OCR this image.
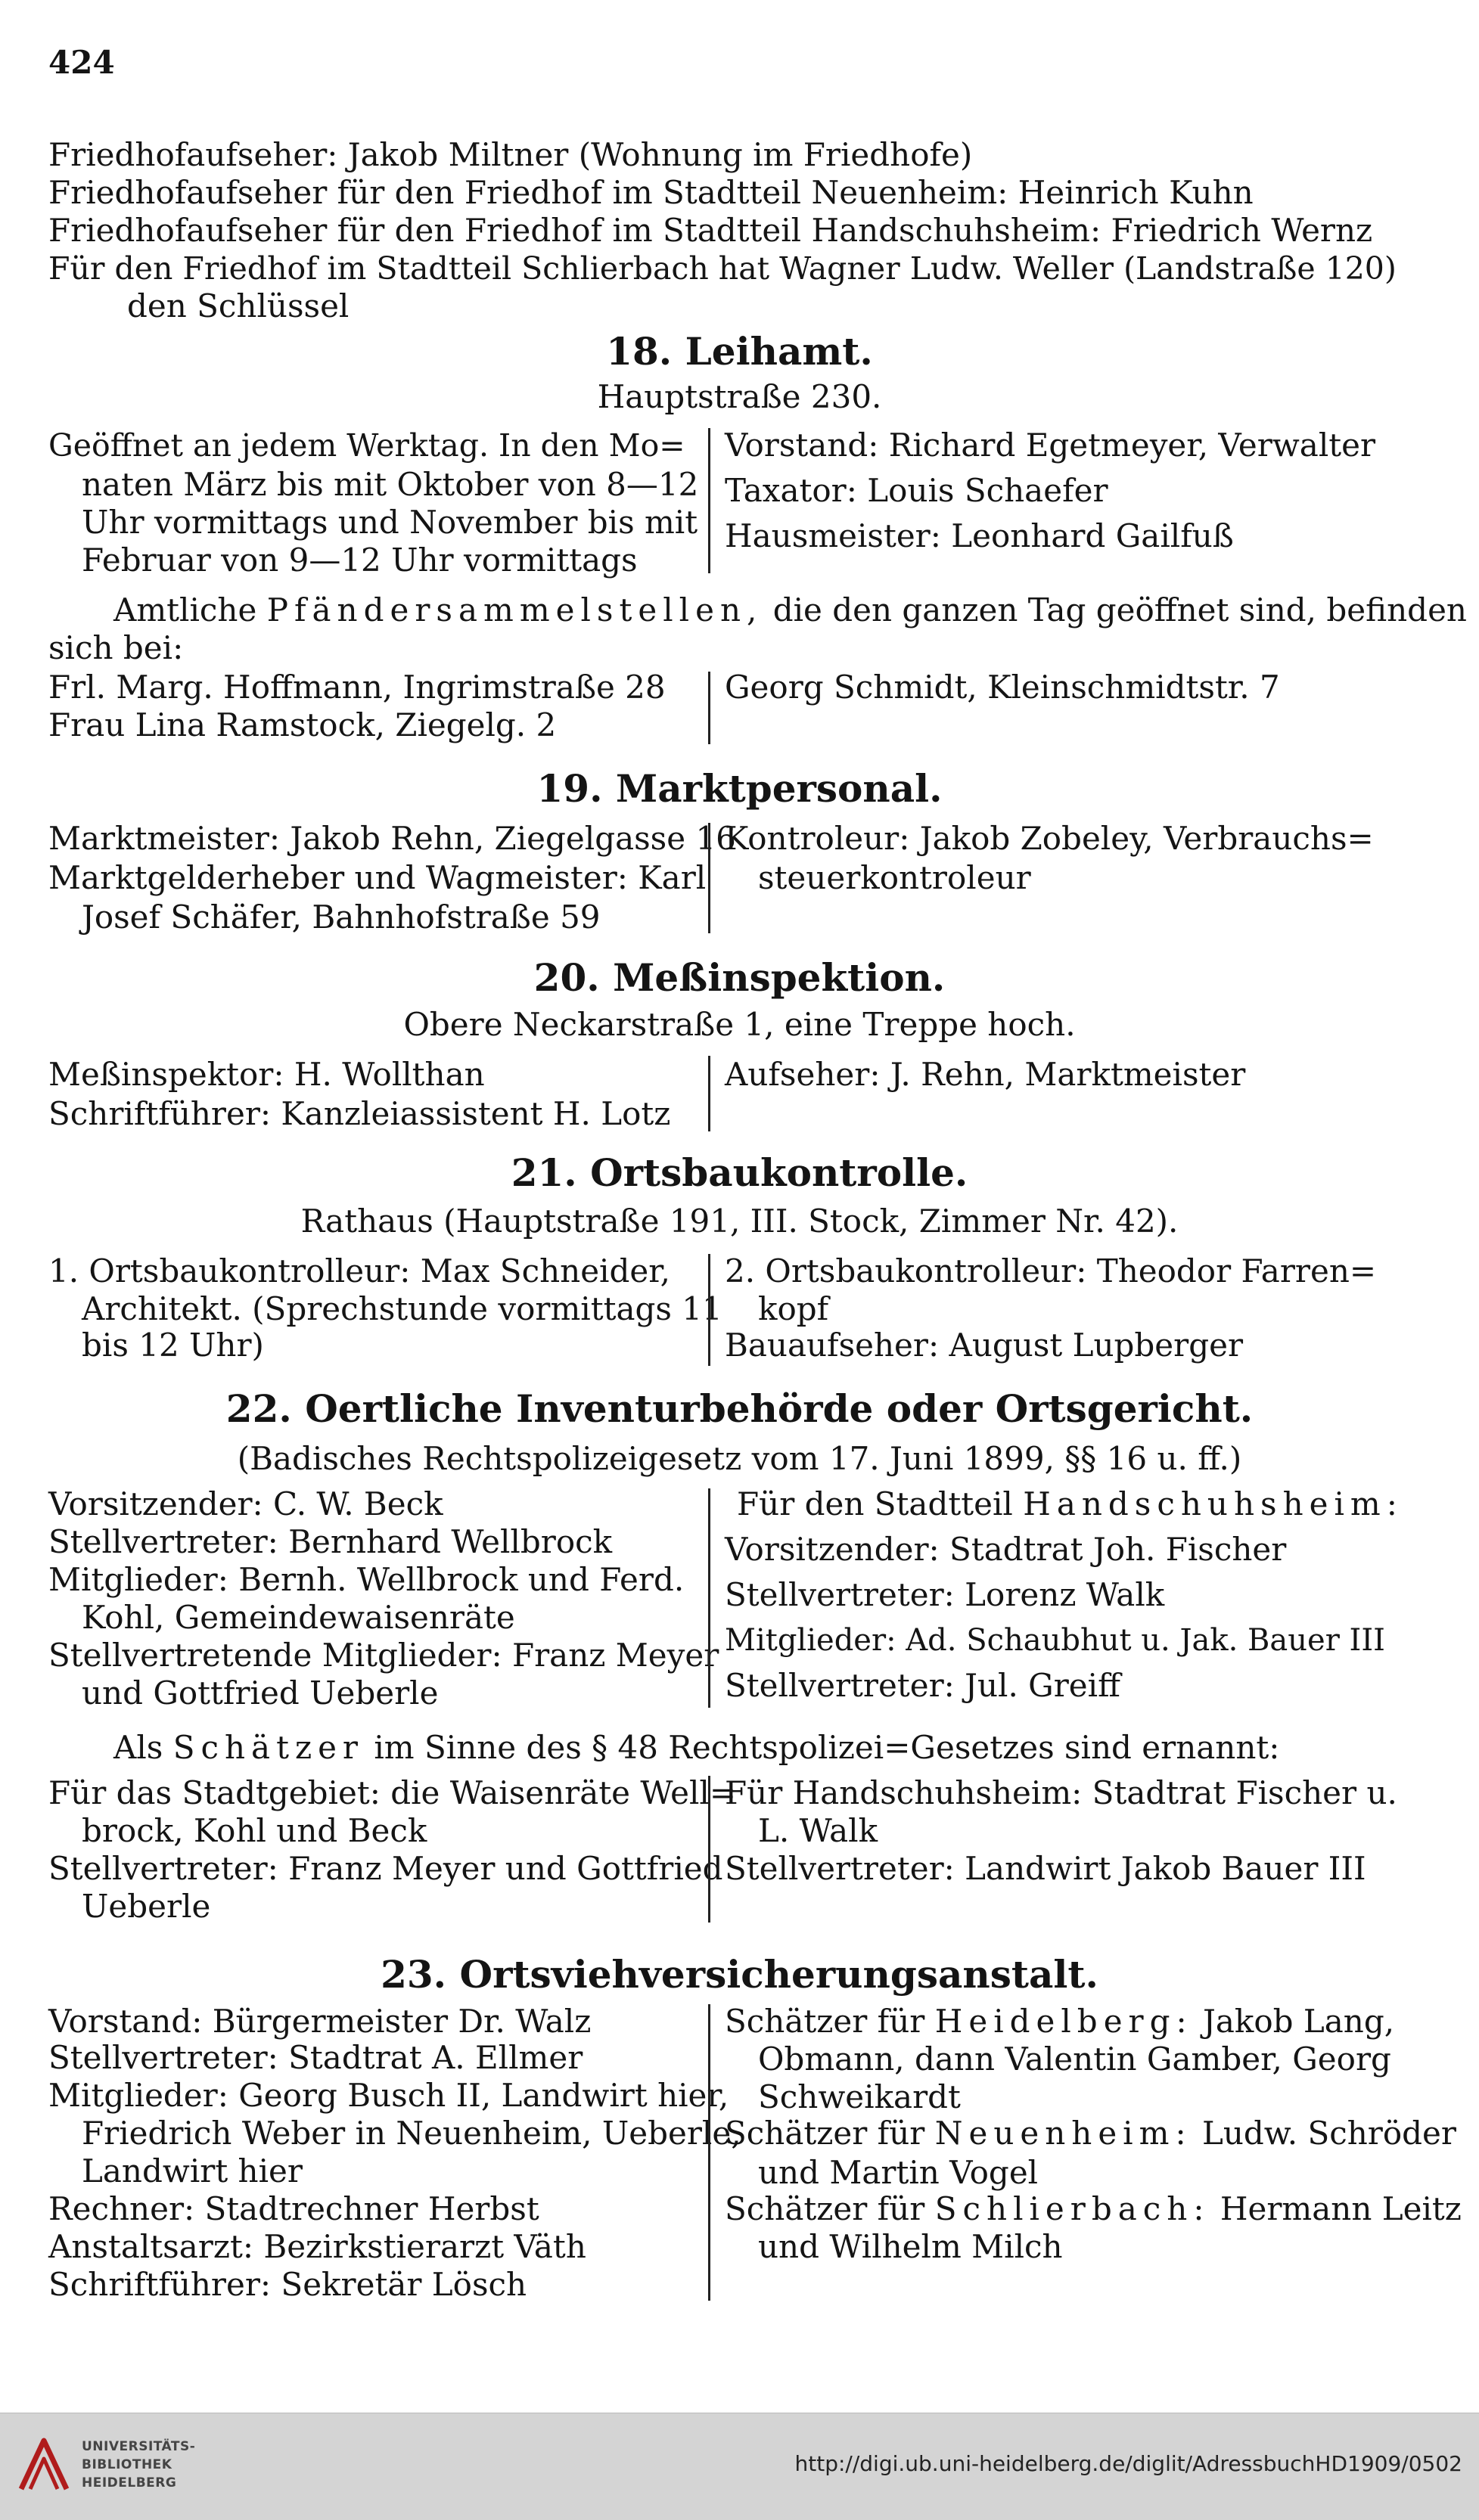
424
Friedhofaufseher: Jakob Miltner (Wohnung im Friedhofe)
Friedhofaufseher für den Friedhof im Stadtteil Neuenheim: Heinrich Kuhn
Friedhofaufseher für den Friedhof im Stadtteil Handschuhsheim: Friedrich Wernz
Für den Friedhof im Stadtteil Schlierbach hat Wagner Ludw. Weller (Landstraße 120)
den Schlüssel
18. Leihamt.
Hauptstraße 230.
Geöffnet an jedem Werktag. In den Mo=
naten März bis mit Oktober von 8—12
Uhr vormittags und November bis mit
Februar von 9—12 Uhr vormittags
Vorstand: Richard Egetmeyer, Verwalter
Taxator: Louis Schaefer
Hausmeister: Leonhard Gailfuß
Amtliche Pfändersammelstellen, die den ganzen Tag geöffnet sind, befinden
sich bei:
Frl. Marg. Hoffmann, Ingrimstraße 28
Frau Lina Ramstock, Ziegelg. 2
Georg Schmidt, Kleinschmidtstr. 7
19. Marktpersonal.
Marktmeister: Jakob Rehn, Ziegelgasse 16
Marktgelderheber und Wagmeister: Karl
Josef Schäfer, Bahnhofstraße 59
Kontroleur: Jakob Zobeley, Verbrauchs=
steuerkontroleur
20. Meßinspektion.
Obere Neckarstraße 1, eine Treppe hoch.
Meßinspektor: H. Wollthan
Schriftführer: Kanzleiassistent H. Lotz
Aufseher: J. Rehn, Marktmeister
21. Ortsbaukontrolle.
Rathaus (Hauptstraße 191, III. Stock, Zimmer Nr. 42).
1. Ortsbaukontrolleur: Max Schneider,
Architekt. (Sprechstunde vormittags 11
bis 12 Uhr)
2. Ortsbaukontrolleur: Theodor Farren=
kopf
Bauaufseher: August Lupberger
22. Oertliche Inventurbehörde oder Ortsgericht.
(Badisches Rechtspolizeigesetz vom 17. Juni 1899, §§ 16 u. ff.)
Vorsitzender: C. W. Beck
Stellvertreter: Bernhard Wellbrock
Mitglieder: Bernh. Wellbrock und Ferd.
Kohl, Gemeindewaisenräte
Stellvertretende Mitglieder: Franz Meyer
und Gottfried Ueberle
Für den Stadtteil Handschuhsheim:
Vorsitzender: Stadtrat Joh. Fischer
Stellvertreter: Lorenz Walk
Mitglieder: Ad. Schaubhut u. Jak. Bauer III
Stellvertreter: Jul. Greiff
Als Schätzer im Sinne des § 48 Rechtspolizei=Gesetzes sind ernannt:
Für das Stadtgebiet: die Waisenräte Well=
brock, Kohl und Beck
Stellvertreter: Franz Meyer und Gottfried
Ueberle
Für Handschuhsheim: Stadtrat Fischer u.
L. Walk
Stellvertreter: Landwirt Jakob Bauer III
23. Ortsviehversicherungsanstalt.
Vorstand: Bürgermeister Dr. Walz
Stellvertreter: Stadtrat A. Ellmer
Mitglieder: Georg Busch II, Landwirt hier,
Friedrich Weber in Neuenheim, Ueberle,
Landwirt hier
Rechner: Stadtrechner Herbst
Anstaltsarzt: Bezirkstierarzt Väth
Schriftführer: Sekretär Lösch
Schätzer für Heidelberg: Jakob Lang,
Obmann, dann Valentin Gamber, Georg
Schweikardt
Schätzer für Neuenheim: Ludw. Schröder
und Martin Vogel
Schätzer für Schlierbach: Hermann Leitz
und Wilhelm Milch
UNIVERSITÄTS-
BIBLIOTHEK
HEIDELBERG
http://digi.ub.uni-heidelberg.de/diglit/AdressbuchHD1909/0502
